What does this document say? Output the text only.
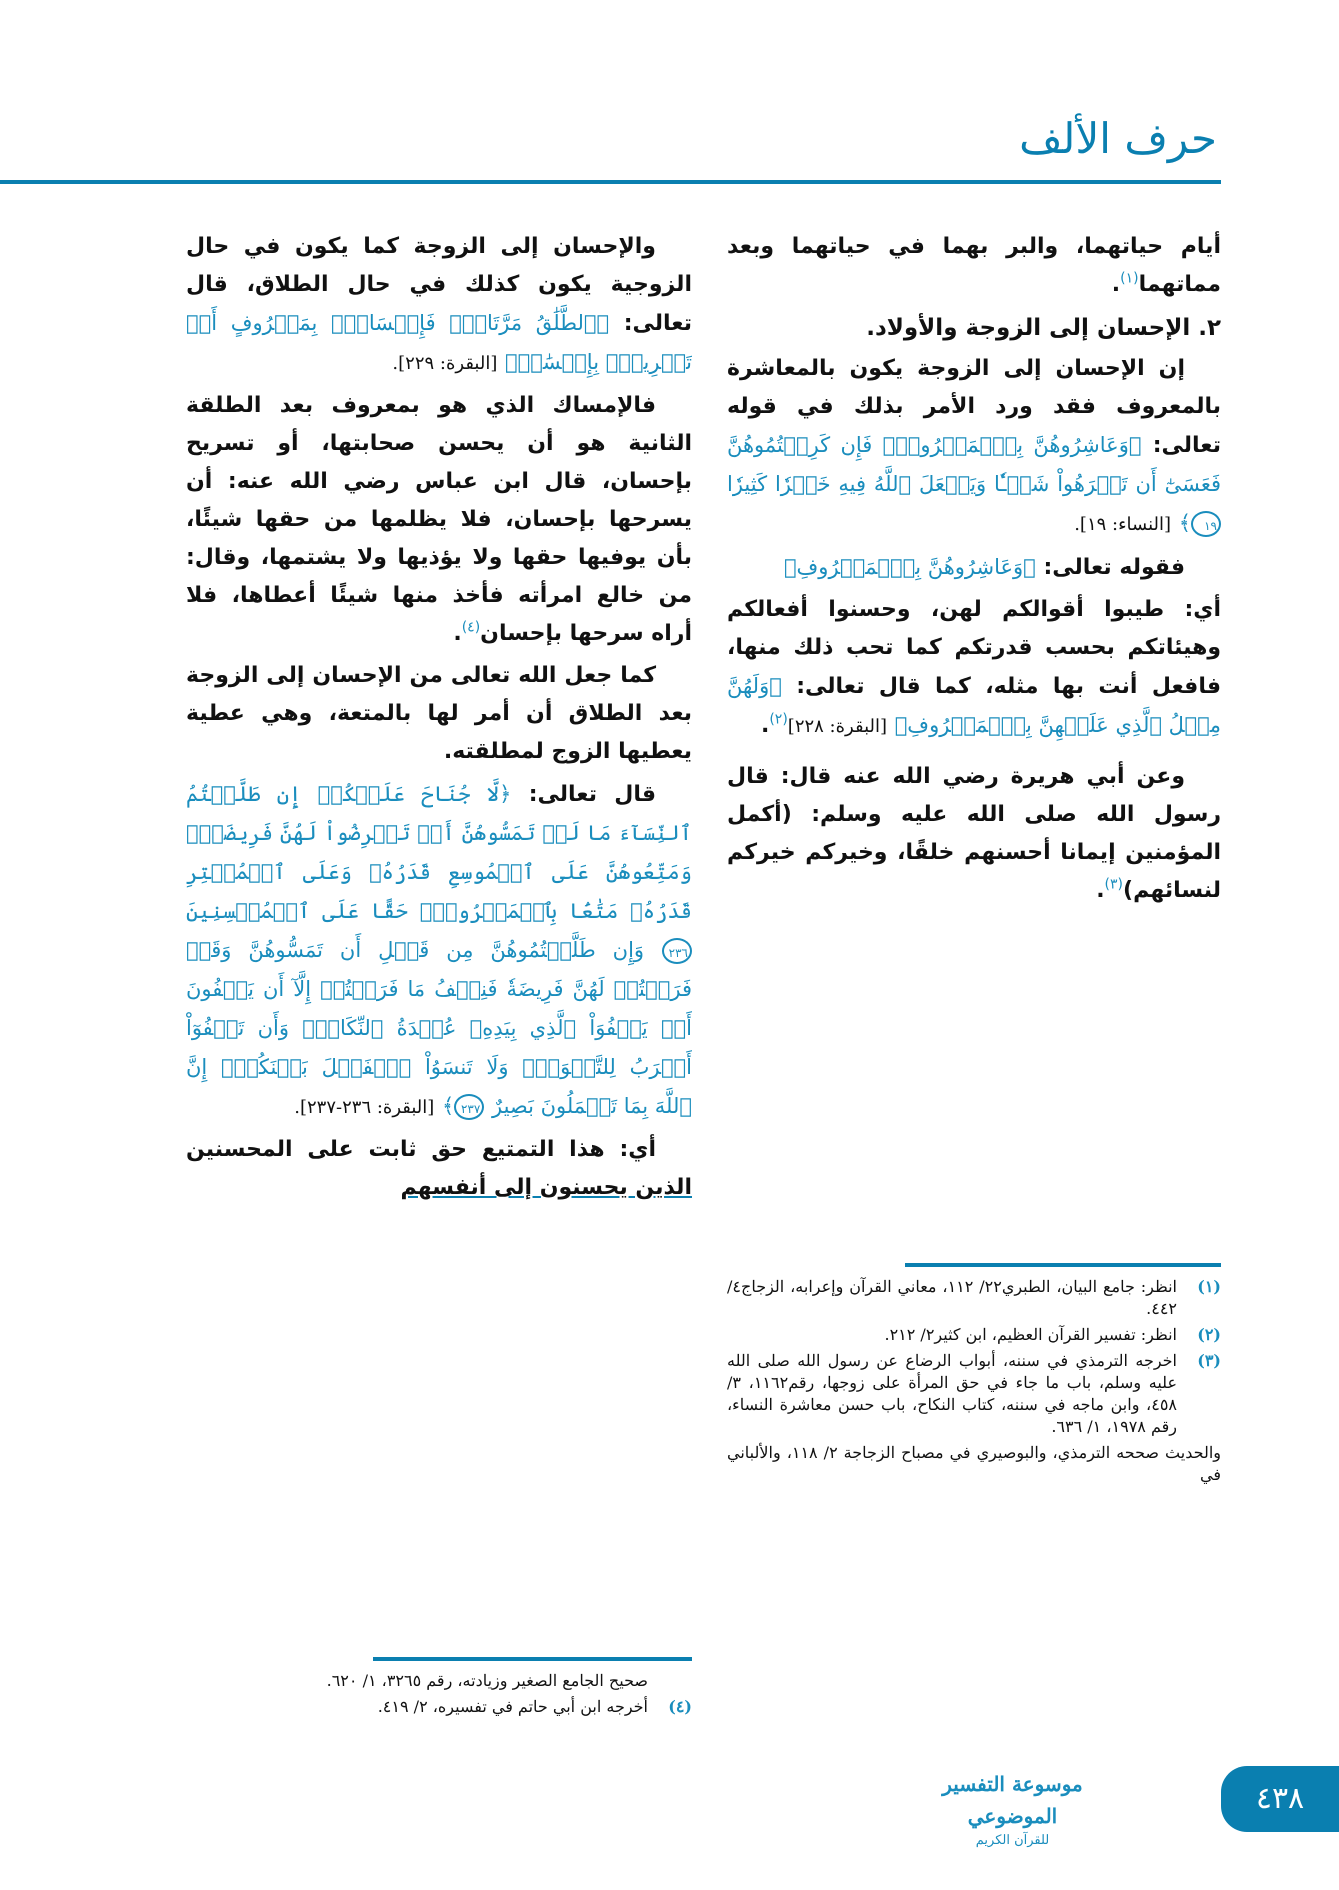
حرف الألف

أيام حياتهما، والبر بهما في حياتهما وبعد مماتهما$^{(١)}$.

٢. الإحسان إلى الزوجة والأولاد.

إن الإحسان إلى الزوجة يكون بالمعاشرة بالمعروف فقد ورد الأمر بذلك في قوله تعالى: ﴿وَعَاشِرُوهُنَّ بِٱلۡمَعۡرُوفِۚ فَإِن كَرِهۡتُمُوهُنَّ فَعَسَىٰٓ أَن تَكۡرَهُواْ شَيۡـٔٗا وَيَجۡعَلَ ٱللَّهُ فِيهِ خَيۡرٗا كَثِيرٗا ١٩﴾ [النساء: ١٩].

فقوله تعالى: ﴿وَعَاشِرُوهُنَّ بِٱلۡمَعۡرُوفِ﴾

أي: طيبوا أقوالكم لهن، وحسنوا أفعالكم وهيئاتكم بحسب قدرتكم كما تحب ذلك منها، فافعل أنت بها مثله، كما قال تعالى: ﴿وَلَهُنَّ مِثۡلُ ٱلَّذِي عَلَيۡهِنَّ بِٱلۡمَعۡرُوفِ﴾ [البقرة: ٢٢٨]$^{(٢)}$.

وعن أبي هريرة رضي الله عنه قال: قال رسول الله صلى الله عليه وسلم: (أكمل المؤمنين إيمانا أحسنهم خلقًا، وخيركم خيركم لنسائهم)$^{(٣)}$.

والإحسان إلى الزوجة كما يكون في حال الزوجية يكون كذلك في حال الطلاق، قال تعالى: ﴿ٱلطَّلَٰقُ مَرَّتَانِۖ فَإِمۡسَاكُۢ بِمَعۡرُوفٍ أَوۡ تَسۡرِيحُۢ بِإِحۡسَٰنٖ﴾ [البقرة: ٢٢٩].

فالإمساك الذي هو بمعروف بعد الطلقة الثانية هو أن يحسن صحابتها، أو تسريح بإحسان، قال ابن عباس رضي الله عنه: أن يسرحها بإحسان، فلا يظلمها من حقها شيئًا، بأن يوفيها حقها ولا يؤذيها ولا يشتمها، وقال: من خالع امرأته فأخذ منها شيئًا أعطاها، فلا أراه سرحها بإحسان$^{(٤)}$.

كما جعل الله تعالى من الإحسان إلى الزوجة بعد الطلاق أن أمر لها بالمتعة، وهي عطية يعطيها الزوج لمطلقته.

قال تعالى: ﴿لَّا جُنَاحَ عَلَيۡكُمۡ إِن طَلَّقۡتُمُ ٱلنِّسَآءَ مَا لَمۡ تَمَسُّوهُنَّ أَوۡ تَفۡرِضُواْ لَهُنَّ فَرِيضَةٗۚ وَمَتِّعُوهُنَّ عَلَى ٱلۡمُوسِعِ قَدَرُهُۥ وَعَلَى ٱلۡمُقۡتِرِ قَدَرُهُۥ مَتَٰعَۢا بِٱلۡمَعۡرُوفِۖ حَقًّا عَلَى ٱلۡمُحۡسِنِينَ ٢٣٦ وَإِن طَلَّقۡتُمُوهُنَّ مِن قَبۡلِ أَن تَمَسُّوهُنَّ وَقَدۡ فَرَضۡتُمۡ لَهُنَّ فَرِيضَةٗ فَنِصۡفُ مَا فَرَضۡتُمۡ إِلَّآ أَن يَعۡفُونَ أَوۡ يَعۡفُوَاْ ٱلَّذِي بِيَدِهِۦ عُقۡدَةُ ٱلنِّكَاحِۚ وَأَن تَعۡفُوٓاْ أَقۡرَبُ لِلتَّقۡوَىٰۚ وَلَا تَنسَوُاْ ٱلۡفَضۡلَ بَيۡنَكُمۡۚ إِنَّ ٱللَّهَ بِمَا تَعۡمَلُونَ بَصِيرٌ ٢٣٧﴾ [البقرة: ٢٣٦-٢٣٧].

أي: هذا التمتيع حق ثابت على المحسنين الذين يحسنون إلى أنفسهم

(١)
انظر: جامع البيان، الطبري٢٢/ ١١٢، معاني القرآن وإعرابه، الزجاج٤/ ٤٤٢.
(٢)
انظر: تفسير القرآن العظيم، ابن كثير٢/ ٢١٢.
(٣)
اخرجه الترمذي في سننه، أبواب الرضاع عن رسول الله صلى الله عليه وسلم، باب ما جاء في حق المرأة على زوجها، رقم١١٦٢، ٣/ ٤٥٨، وابن ماجه في سننه، كتاب النكاح، باب حسن معاشرة النساء، رقم ١٩٧٨، ١/ ٦٣٦.
والحديث صححه الترمذي، والبوصيري في مصباح الزجاجة ٢/ ١١٨، والألباني في
صحيح الجامع الصغير وزيادته، رقم ٣٢٦٥، ١/ ٦٢٠.
(٤)
أخرجه ابن أبي حاتم في تفسيره، ٢/ ٤١٩.
موسوعة التفسير الموضوعي
للقرآن الكريم
٤٣٨
